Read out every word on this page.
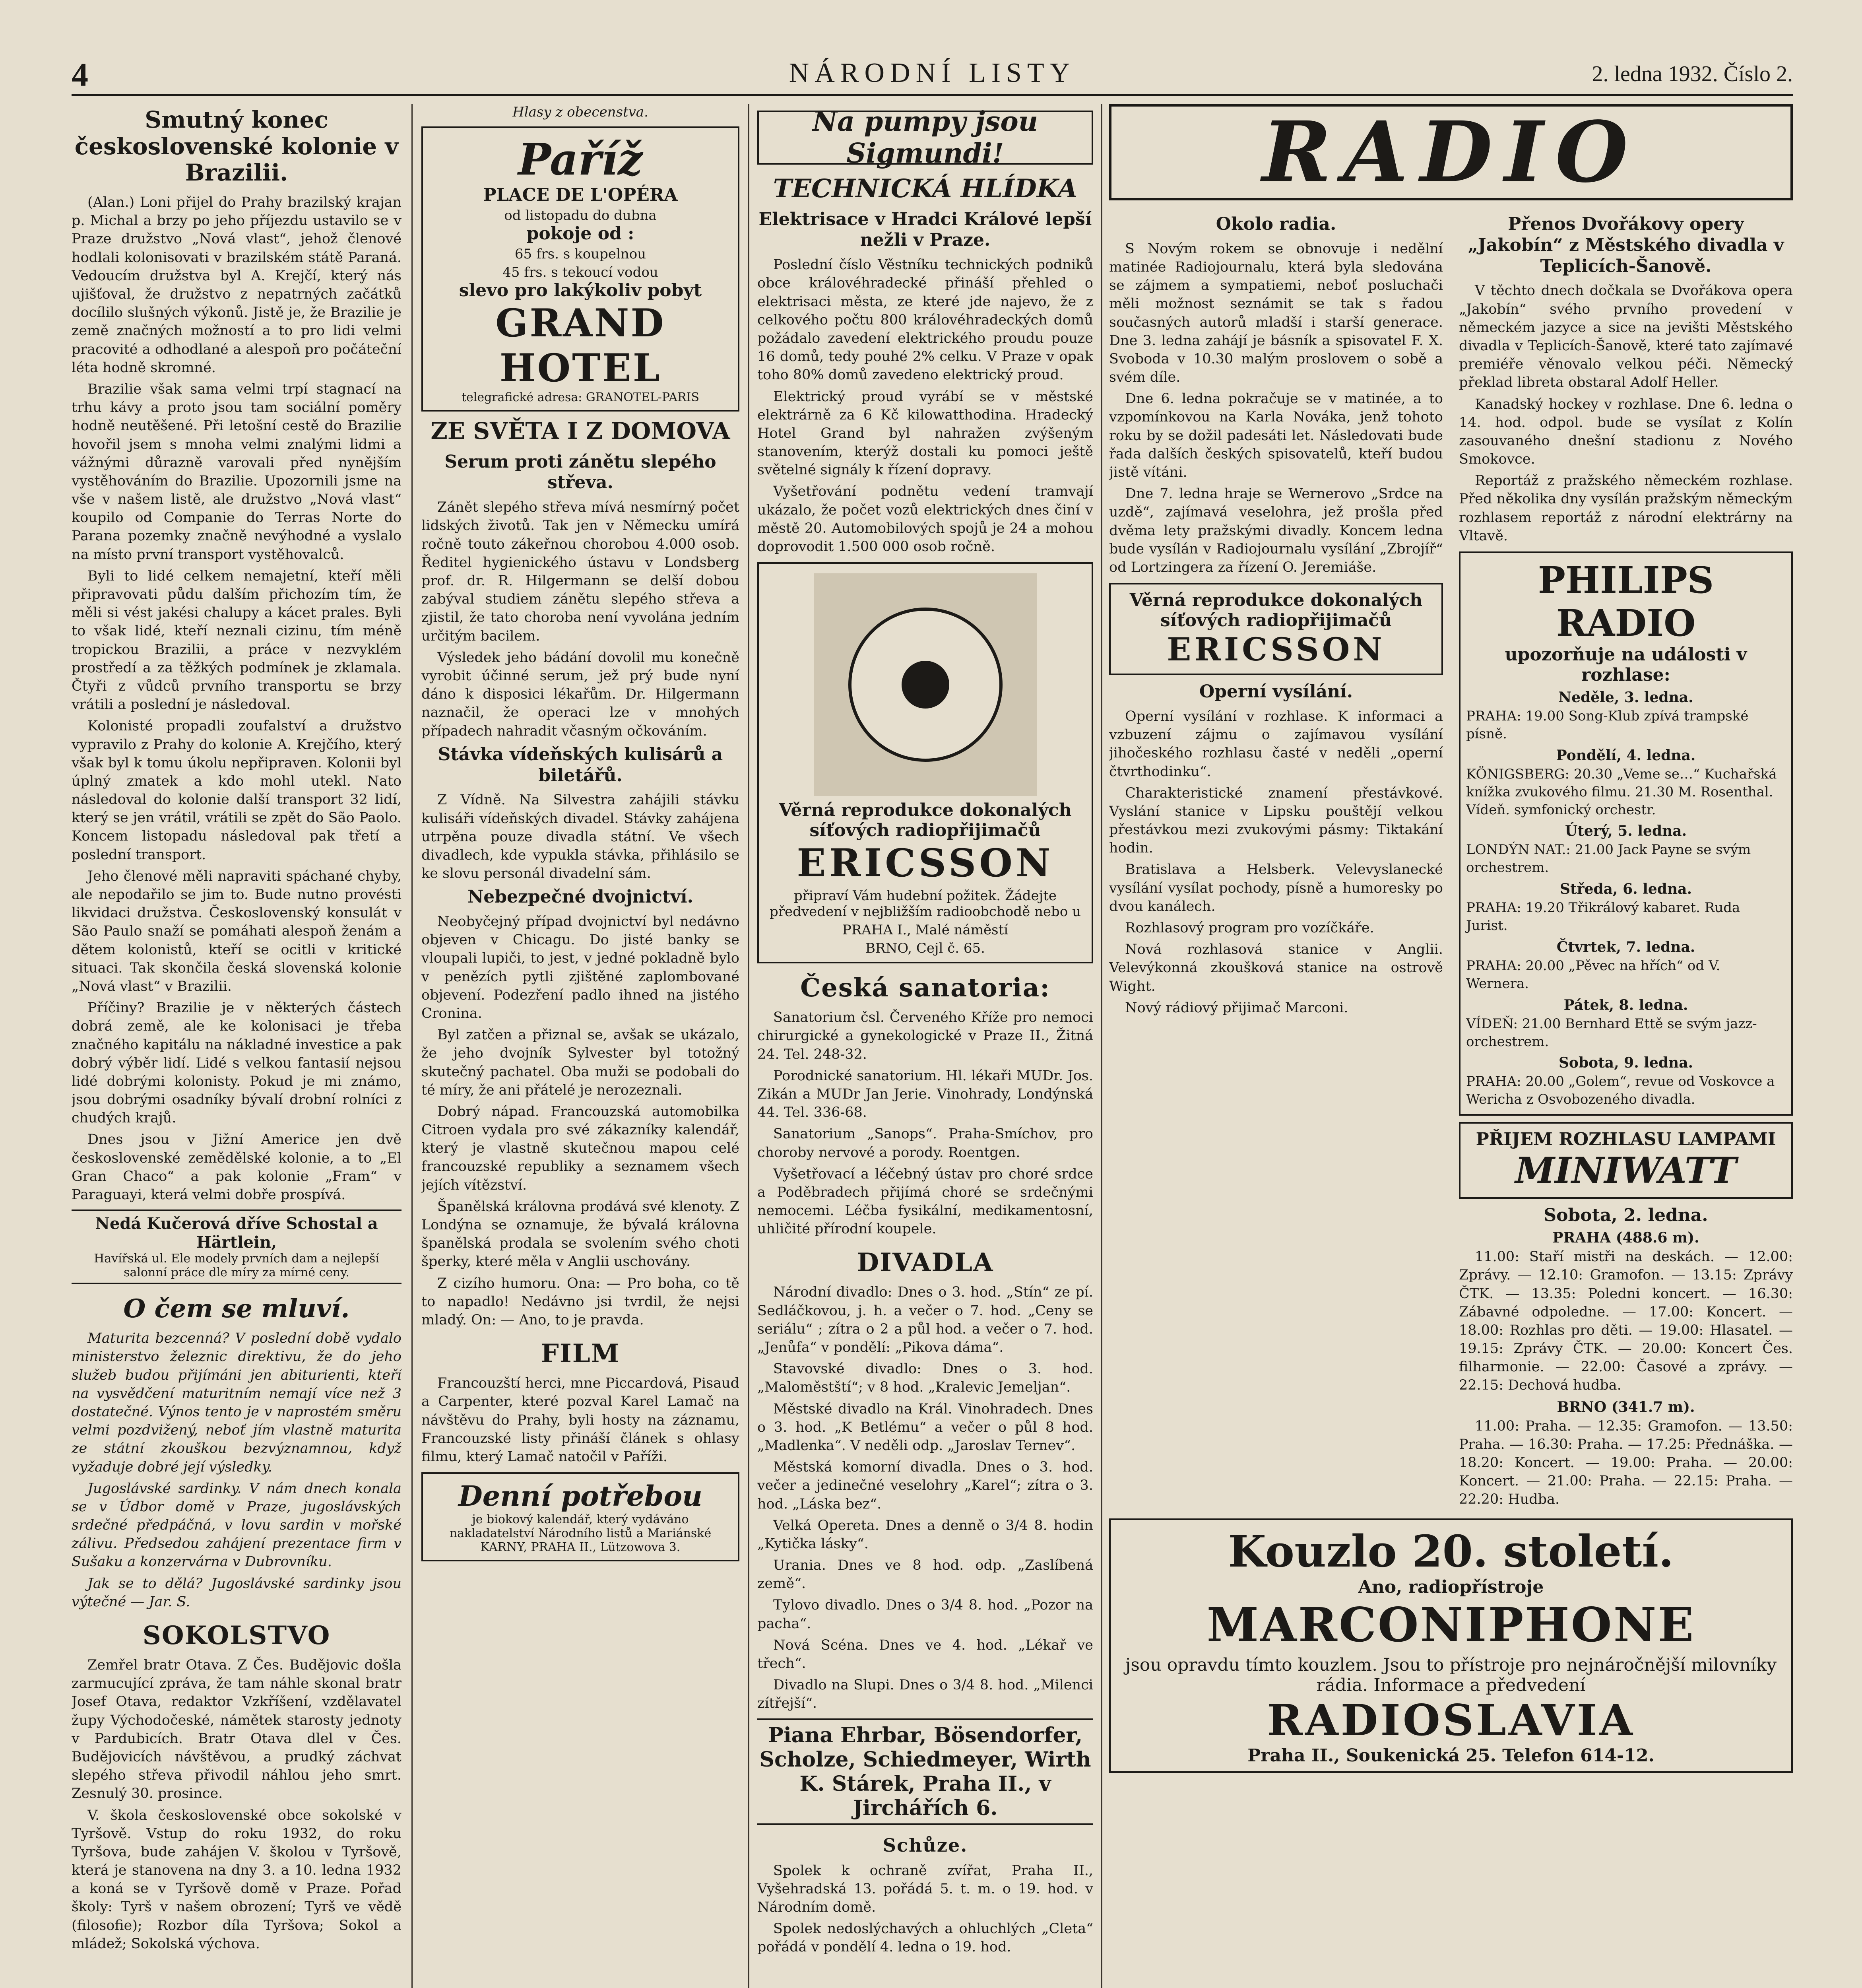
4	NÁRODNÍ LISTY	2. ledna 1932. Číslo 2.
Smutný konec československé kolonie v Brazilii.

(Alan.) Loni přijel do Prahy brazilský krajan p. Michal a brzy po jeho příjezdu ustavilo se v Praze družstvo „Nová vlast“, jehož členové hodlali kolonisovati v brazilském státě Paraná. Vedoucím družstva byl A. Krejčí, který nás ujišťoval, že družstvo z nepatrných začátků docílilo slušných výkonů. Jistě je, že Brazilie je země značných možností a to pro lidi velmi pracovité a odhodlané a alespoň pro počáteční léta hodně skromné.

Brazilie však sama velmi trpí stagnací na trhu kávy a proto jsou tam sociální poměry hodně neutěšené. Při letošní cestě do Brazilie hovořil jsem s mnoha velmi znalými lidmi a vážnými důrazně varovali před nynějším vystěhováním do Brazilie. Upozornili jsme na vše v našem listě, ale družstvo „Nová vlast“ koupilo od Companie do Terras Norte do Parana pozemky značně nevýhodné a vyslalo na místo první transport vystěhovalců.

Byli to lidé celkem nemajetní, kteří měli připravovati půdu dalším přichozím tím, že měli si vést jakési chalupy a kácet prales. Byli to však lidé, kteří neznali cizinu, tím méně tropickou Brazilii, a práce v nezvyklém prostředí a za těžkých podmínek je zklamala. Čtyři z vůdců prvního transportu se brzy vrátili a poslední je následoval.

Kolonisté propadli zoufalství a družstvo vypravilo z Prahy do kolonie A. Krejčího, který však byl k tomu úkolu nepřipraven. Kolonii byl úplný zmatek a kdo mohl utekl. Nato následoval do kolonie další transport 32 lidí, který se jen vrátil, vrátili se zpět do São Paolo. Koncem listopadu následoval pak třetí a poslední transport.

Jeho členové měli napraviti spáchané chyby, ale nepodařilo se jim to. Bude nutno provésti likvidaci družstva. Československý konsulát v São Paulo snaží se pomáhati alespoň ženám a dětem kolonistů, kteří se ocitli v kritické situaci. Tak skončila česká slovenská kolonie „Nová vlast“ v Brazilii.

Příčiny? Brazilie je v některých částech dobrá země, ale ke kolonisaci je třeba značného kapitálu na nákladné investice a pak dobrý výběr lidí. Lidé s velkou fantasií nejsou lidé dobrými kolonisty. Pokud je mi známo, jsou dobrými osadníky bývalí drobní rolníci z chudých krajů.

Dnes jsou v Jižní Americe jen dvě československé zemědělské kolonie, a to „El Gran Chaco“ a pak kolonie „Fram“ v Paraguayi, která velmi dobře prospívá.

Nedá Kučerová dříve Schostal a Härtlein,
Havířská ul. Ele modely prvních dam a nejlepší salonní práce dle míry za mírné ceny.
O čem se mluví.

Maturita bezcenná? V poslední době vydalo ministerstvo železnic direktivu, že do jeho služeb budou přijímáni jen abiturienti, kteří na vysvědčení maturitním nemají více než 3 dostatečné. Výnos tento je v naprostém směru velmi pozdvižený, neboť jím vlastně maturita ze státní zkouškou bezvýznamnou, když vyžaduje dobré její výsledky.

Jugoslávské sardinky. V nám dnech konala se v Údbor domě v Praze, jugoslávských srdečné předpáčná, v lovu sardin v mořské zálivu. Předsedou zahájení prezentace firm v Sušaku a konzervárna v Dubrovníku.

Jak se to dělá? Jugoslávské sardinky jsou výtečné — Jar. S.

SOKOLSTVO

Zemřel bratr Otava. Z Čes. Budějovic došla zarmucující zpráva, že tam náhle skonal bratr Josef Otava, redaktor Vzkříšení, vzdělavatel župy Východočeské, námětek starosty jednoty v Pardubicích. Bratr Otava dlel v Čes. Budějovicích návštěvou, a prudký záchvat slepého střeva přivodil náhlou jeho smrt. Zesnulý 30. prosince.

V. škola československé obce sokolské v Tyršově. Vstup do roku 1932, do roku Tyršova, bude zahájen V. školou v Tyršově, která je stanovena na dny 3. a 10. ledna 1932 a koná se v Tyršově domě v Praze. Pořad školy: Tyrš v našem obrození; Tyrš ve vědě (filosofie); Rozbor díla Tyršova; Sokol a mládež; Sokolská výchova.

Hlasy z obecenstva.
Paříž
PLACE DE L'OPÉRA
od listopadu do dubna
pokoje od :
65 frs. s koupelnou
45 frs. s tekoucí vodou
slevo pro lakýkoliv pobyt
GRAND HOTEL
telegrafické adresa: GRANOTEL-PARIS
ZE SVĚTA I Z DOMOVA
Serum proti zánětu slepého střeva.

Zánět slepého střeva mívá nesmírný počet lidských životů. Tak jen v Německu umírá ročně touto zákeřnou chorobou 4.000 osob. Ředitel hygienického ústavu v Londsberg prof. dr. R. Hilgermann se delší dobou zabýval studiem zánětu slepého střeva a zjistil, že tato choroba není vyvolána jedním určitým bacilem.

Výsledek jeho bádání dovolil mu konečně vyrobit účinné serum, jež prý bude nyní dáno k disposici lékařům. Dr. Hilgermann naznačil, že operaci lze v mnohých případech nahradit včasným očkováním.

Stávka vídeňských kulisárů a biletářů.

Z Vídně. Na Silvestra zahájili stávku kulisáři vídeňských divadel. Stávky zahájena utrpěna pouze divadla státní. Ve všech divadlech, kde vypukla stávka, přihlásilo se ke slovu personál divadelní sám.

Nebezpečné dvojnictví.

Neobyčejný případ dvojnictví byl nedávno objeven v Chicagu. Do jisté banky se vloupali lupiči, to jest, v jedné pokladně bylo v penězích pytli zjištěné zaplombované objevení. Podezření padlo ihned na jistého Cronina.

Byl zatčen a přiznal se, avšak se ukázalo, že jeho dvojník Sylvester byl totožný skutečný pachatel. Oba muži se podobali do té míry, že ani přátelé je nerozeznali.

Dobrý nápad. Francouzská automobilka Citroen vydala pro své zákazníky kalendář, který je vlastně skutečnou mapou celé francouzské republiky a seznamem všech jejích vítězství.

Španělská královna prodává své klenoty. Z Londýna se oznamuje, že bývalá královna španělská prodala se svolením svého choti šperky, které měla v Anglii uschovány.

Z cizího humoru. Ona: — Pro boha, co tě to napadlo! Nedávno jsi tvrdil, že nejsi mladý. On: — Ano, to je pravda.

FILM

Francouzští herci, mne Piccardová, Pisaud a Carpenter, které pozval Karel Lamač na návštěvu do Prahy, byli hosty na záznamu, Francouzské listy přináší článek s ohlasy filmu, který Lamač natočil v Paříži.

Denní potřebou
je biokový kalendář, který vydáváno nakladatelství Národního listů a Mariánské KARNY, PRAHA II., Lützowova 3.
Na pumpy jsou Sigmundi!
TECHNICKÁ HLÍDKA
Elektrisace v Hradci Králové lepší nežli v Praze.

Poslední číslo Věstníku technických podniků obce královéhradecké přináší přehled o elektrisaci města, ze které jde najevo, že z celkového počtu 800 královéhradeckých domů požádalo zavedení elektrického proudu pouze 16 domů, tedy pouhé 2% celku. V Praze v opak toho 80% domů zavedeno elektrický proud.

Elektrický proud vyrábí se v městské elektrárně za 6 Kč kilowatthodina. Hradecký Hotel Grand byl nahražen zvýšeným stanovením, kterýž dostali ku pomoci ještě světelné signály k řízení dopravy.

Vyšetřování podnětu vedení tramvají ukázalo, že počet vozů elektrických dnes činí v městě 20. Automobilových spojů je 24 a mohou doprovodit 1.500 000 osob ročně.

Věrná reprodukce dokonalých síťových radiopřijimačů
ERICSSON
připraví Vám hudební požitek. Žádejte předvedení v nejbližším radioobchodě nebo u
PRAHA I., Malé náměstí
BRNO, Cejl č. 65.
Česká sanatoria:

Sanatorium čsl. Červeného Kříže pro nemoci chirurgické a gynekologické v Praze II., Žitná 24. Tel. 248-32.

Porodnické sanatorium. Hl. lékaři MUDr. Jos. Zikán a MUDr Jan Jerie. Vinohrady, Londýnská 44. Tel. 336-68.

Sanatorium „Sanops“. Praha-Smíchov, pro choroby nervové a porody. Roentgen.

Vyšetřovací a léčebný ústav pro choré srdce a Poděbradech přijímá choré se srdečnými nemocemi. Léčba fysikální, medikamentosní, uhličité přírodní koupele.

DIVADLA

Národní divadlo: Dnes o 3. hod. „Stín“ ze pí. Sedláčkovou, j. h. a večer o 7. hod. „Ceny se seriálu“ ; zítra o 2 a půl hod. a večer o 7. hod. „Jenůfa“ v pondělí: „Pikova dáma“.

Stavovské divadlo: Dnes o 3. hod. „Maloměstští“; v 8 hod. „Kralevic Jemeljan“.

Městské divadlo na Král. Vinohradech. Dnes o 3. hod. „K Betlému“ a večer o půl 8 hod. „Madlenka“. V neděli odp. „Jaroslav Ternev“.

Městská komorní divadla. Dnes o 3. hod. večer a jedinečné veselohry „Karel“; zítra o 3. hod. „Láska bez“.

Velká Operetа. Dnes a denně o 3/4 8. hodin „Kytička lásky“.

Urania. Dnes ve 8 hod. odp. „Zaslíbená země“.

Tylovo divadlo. Dnes o 3/4 8. hod. „Pozor na pacha“.

Nová Scéna. Dnes ve 4. hod. „Lékař ve třech“.

Divadlo na Slupi. Dnes o 3/4 8. hod. „Milenci zítřejší“.

Piana Ehrbar, Bösendorfer, Scholze, Schiedmeyer, Wirth K. Stárek, Praha II., v Jirchářích 6.
Schůze.

Spolek k ochraně zvířat, Praha II., Vyšehradská 13. pořádá 5. t. m. o 19. hod. v Národním domě.

Spolek nedoslýchavých a ohluchlých „Cleta“ pořádá v pondělí 4. ledna o 19. hod.

RADIO
Okolo radia.

S Novým rokem se obnovuje i nedělní matinée Radiojournalu, která byla sledována se zájmem a sympatiemi, neboť posluchači měli možnost seznámit se tak s řadou současných autorů mladší i starší generace. Dne 3. ledna zahájí je básník a spisovatel F. X. Svoboda v 10.30 malým proslovem o sobě a svém díle.

Dne 6. ledna pokračuje se v matinée, a to vzpomínkovou na Karla Nováka, jenž tohoto roku by se dožil padesáti let. Následovati bude řada dalších českých spisovatelů, kteří budou jistě vítáni.

Dne 7. ledna hraje se Wernerovo „Srdce na uzdě“, zajímavá veselohra, jež prošla před dvěma lety pražskými divadly. Koncem ledna bude vysílán v Radiojournalu vysílání „Zbrojíř“ od Lortzingera za řízení O. Jeremiáše.

Věrná reprodukce dokonalých síťových radiopřijimačů
ERICSSON
Operní vysílání.

Operní vysílání v rozhlase. K informaci a vzbuzení zájmu o zajímavou vysílání jihočeského rozhlasu časté v neděli „operní čtvrthodinku“.

Charakteristické znamení přestávkové. Vyslání stanice v Lipsku pouštějí velkou přestávkou mezi zvukovými pásmy: Tiktakání hodin.

Bratislava a Helsberk. Velevyslanecké vysílání vysílat pochody, písně a humoresky po dvou kanálech.

Rozhlasový program pro vozíčkáře.

Nová rozhlasová stanice v Anglii. Velevýkonná zkoušková stanice na ostrově Wight.

Nový rádiový přijimač Marconi.

Přenos Dvořákovy opery „Jakobín“ z Městského divadla v Teplicích-Šanově.

V těchto dnech dočkala se Dvořákova opera „Jakobín“ svého prvního provedení v německém jazyce a sice na jevišti Městského divadla v Teplicích-Šanově, které tato zajímavé premiéře věnovalo velkou péči. Německý překlad libreta obstaral Adolf Heller.

Kanadský hockey v rozhlase. Dne 6. ledna o 14. hod. odpol. bude se vysílat z Kolín zasouvaného dnešní stadionu z Nového Smokovce.

Reportáž z pražského německém rozhlase. Před několika dny vysílán pražským německým rozhlasem reportáž z národní elektrárny na Vltavě.

PHILIPS RADIO
upozorňuje na události v rozhlase:
Neděle, 3. ledna.
PRAHA: 19.00 Song-Klub zpívá trampské písně.
Pondělí, 4. ledna.
KÖNIGSBERG: 20.30 „Veme se…“ Kuchařská knížka zvukového filmu. 21.30 M. Rosenthal. Vídeň. symfonický orchestr.
Úterý, 5. ledna.
LONDÝN NAT.: 21.00 Jack Payne se svým orchestrem.
Středa, 6. ledna.
PRAHA: 19.20 Třikrálový kabaret. Ruda Jurist.
Čtvrtek, 7. ledna.
PRAHA: 20.00 „Pěvec na hřích“ od V. Wernera.
Pátek, 8. ledna.
VÍDEŇ: 21.00 Bernhard Ettě se svým jazz-orchestrem.
Sobota, 9. ledna.
PRAHA: 20.00 „Golem“, revue od Voskovce a Wericha z Osvobozeného divadla.
PŘIJEM ROZHLASU LAMPAMI
MINIWATT
Sobota, 2. ledna.
PRAHA (488.6 m).

11.00: Staří mistři na deskách. — 12.00: Zprávy. — 12.10: Gramofon. — 13.15: Zprávy ČTK. — 13.35: Poledni koncert. — 16.30: Zábavné odpoledne. — 17.00: Koncert. — 18.00: Rozhlas pro děti. — 19.00: Hlasatel. — 19.15: Zprávy ČTK. — 20.00: Koncert Čes. filharmonie. — 22.00: Časové a zprávy. — 22.15: Dechová hudba.

BRNO (341.7 m).

11.00: Praha. — 12.35: Gramofon. — 13.50: Praha. — 16.30: Praha. — 17.25: Přednáška. — 18.20: Koncert. — 19.00: Praha. — 20.00: Koncert. — 21.00: Praha. — 22.15: Praha. — 22.20: Hudba.

Kouzlo 20. století.
Ano, radiopřístroje
MARCONIPHONE
jsou opravdu tímto kouzlem. Jsou to přístroje pro nejnáročnější milovníky rádia. Informace a předvedení
RADIOSLAVIA
Praha II., Soukenická 25. Telefon 614-12.
